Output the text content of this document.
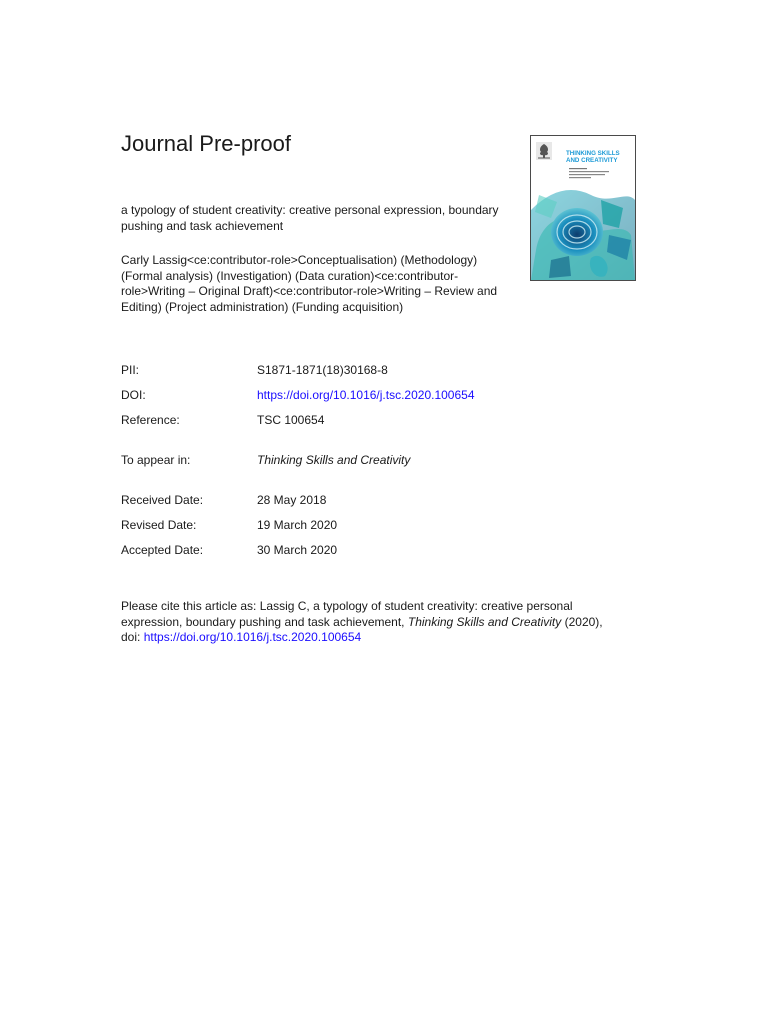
Journal Pre-proof
a typology of student creativity: creative personal expression, boundary pushing and task achievement
Carly Lassig<ce:contributor-role>Conceptualisation) (Methodology) (Formal analysis) (Investigation) (Data curation)<ce:contributor-role>Writing – Original Draft)<ce:contributor-role>Writing – Review and Editing) (Project administration) (Funding acquisition)
THINKING SKILLS
AND CREATIVITY
PII:	S1871-1871(18)30168-8
DOI:	https://doi.org/10.1016/j.tsc.2020.100654
Reference:	TSC 100654
To appear in:	Thinking Skills and Creativity
Received Date:	28 May 2018
Revised Date:	19 March 2020
Accepted Date:	30 March 2020
Please cite this article as: Lassig C, a typology of student creativity: creative personal expression, boundary pushing and task achievement, Thinking Skills and Creativity (2020),
doi: https://doi.org/10.1016/j.tsc.2020.100654
